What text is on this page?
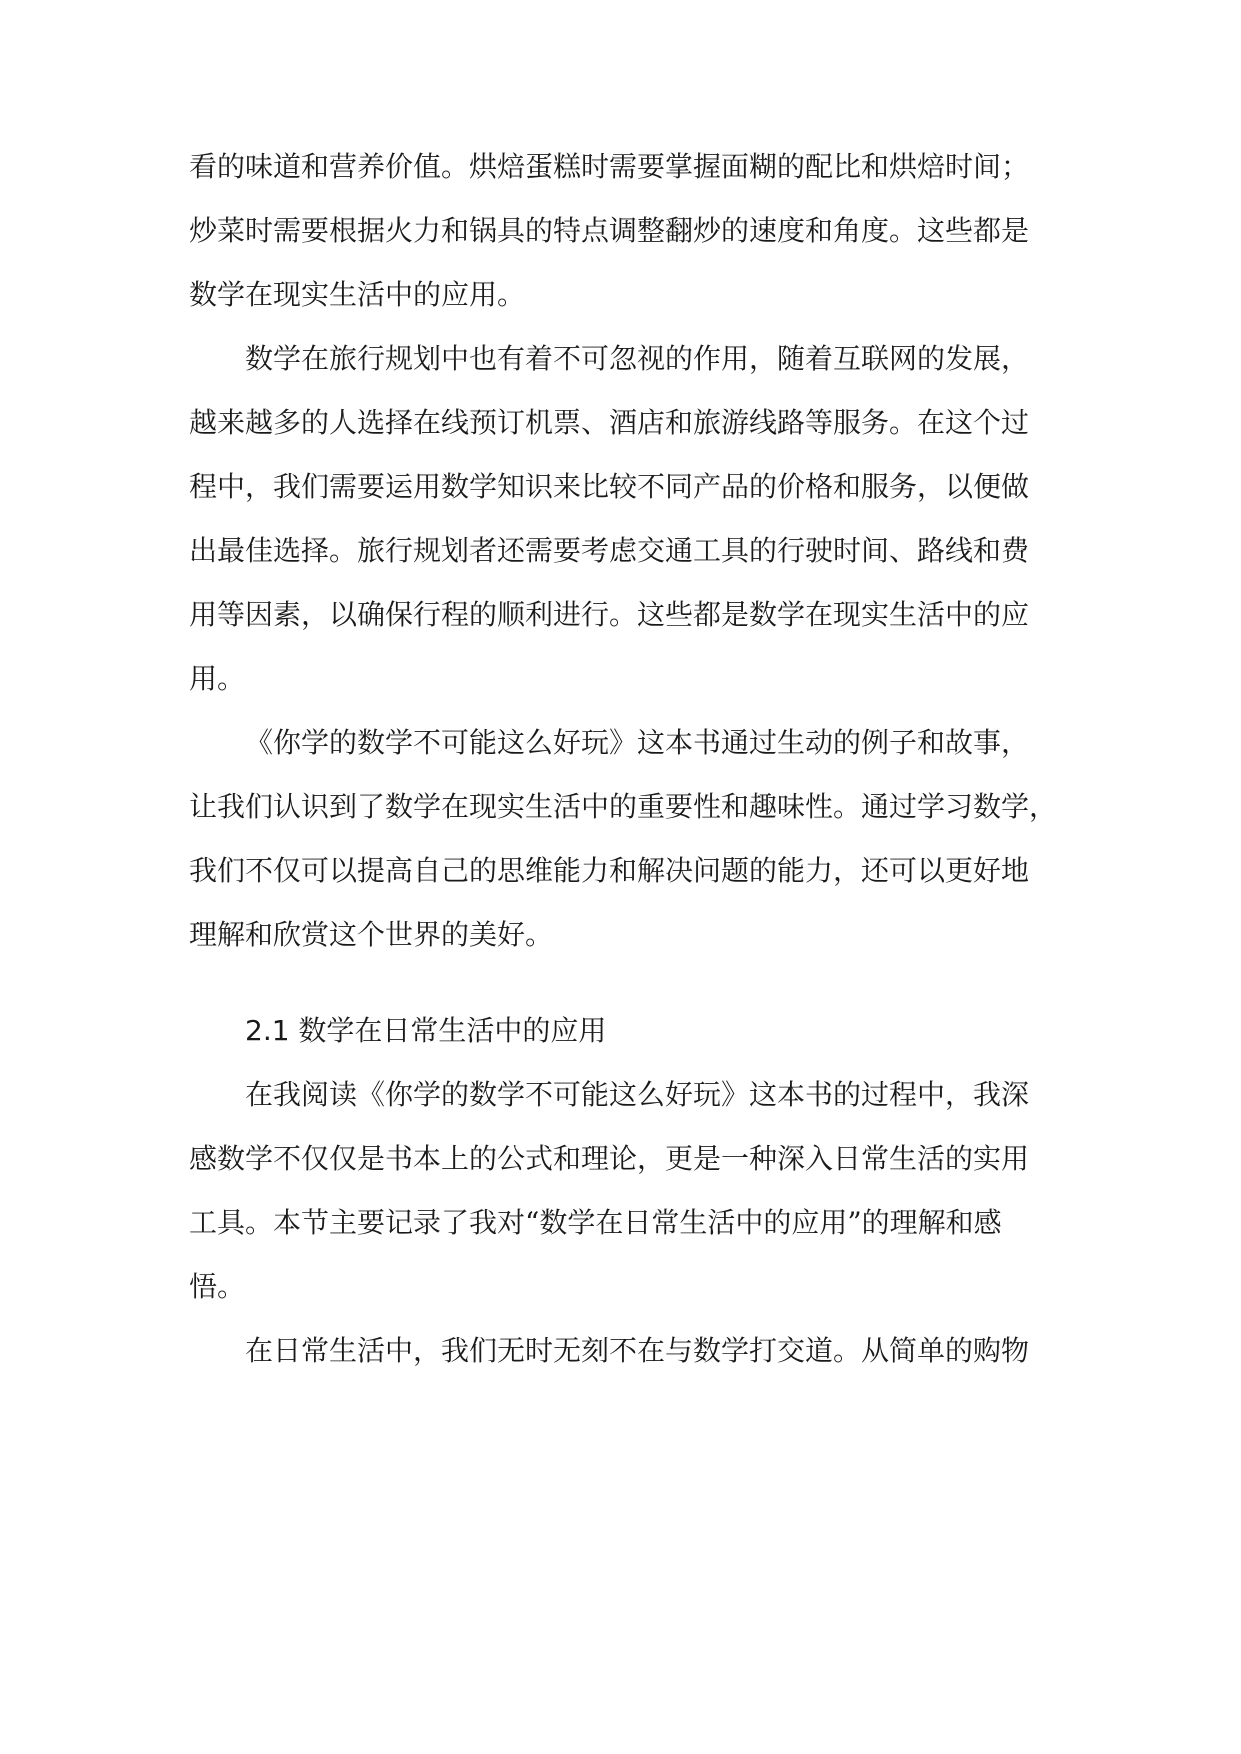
看的味道和营养价值。烘焙蛋糕时需要掌握面糊的配比和烘焙时间；
炒菜时需要根据火力和锅具的特点调整翻炒的速度和角度。这些都是
数学在现实生活中的应用。
数学在旅行规划中也有着不可忽视的作用，随着互联网的发展，
越来越多的人选择在线预订机票、酒店和旅游线路等服务。在这个过
程中，我们需要运用数学知识来比较不同产品的价格和服务，以便做
出最佳选择。旅行规划者还需要考虑交通工具的行驶时间、路线和费
用等因素，以确保行程的顺利进行。这些都是数学在现实生活中的应
用。
《你学的数学不可能这么好玩》这本书通过生动的例子和故事，
让我们认识到了数学在现实生活中的重要性和趣味性。通过学习数学，
我们不仅可以提高自己的思维能力和解决问题的能力，还可以更好地
理解和欣赏这个世界的美好。
2.1 数学在日常生活中的应用
在我阅读《你学的数学不可能这么好玩》这本书的过程中，我深
感数学不仅仅是书本上的公式和理论，更是一种深入日常生活的实用
工具。本节主要记录了我对“数学在日常生活中的应用”的理解和感
悟。
在日常生活中，我们无时无刻不在与数学打交道。从简单的购物
